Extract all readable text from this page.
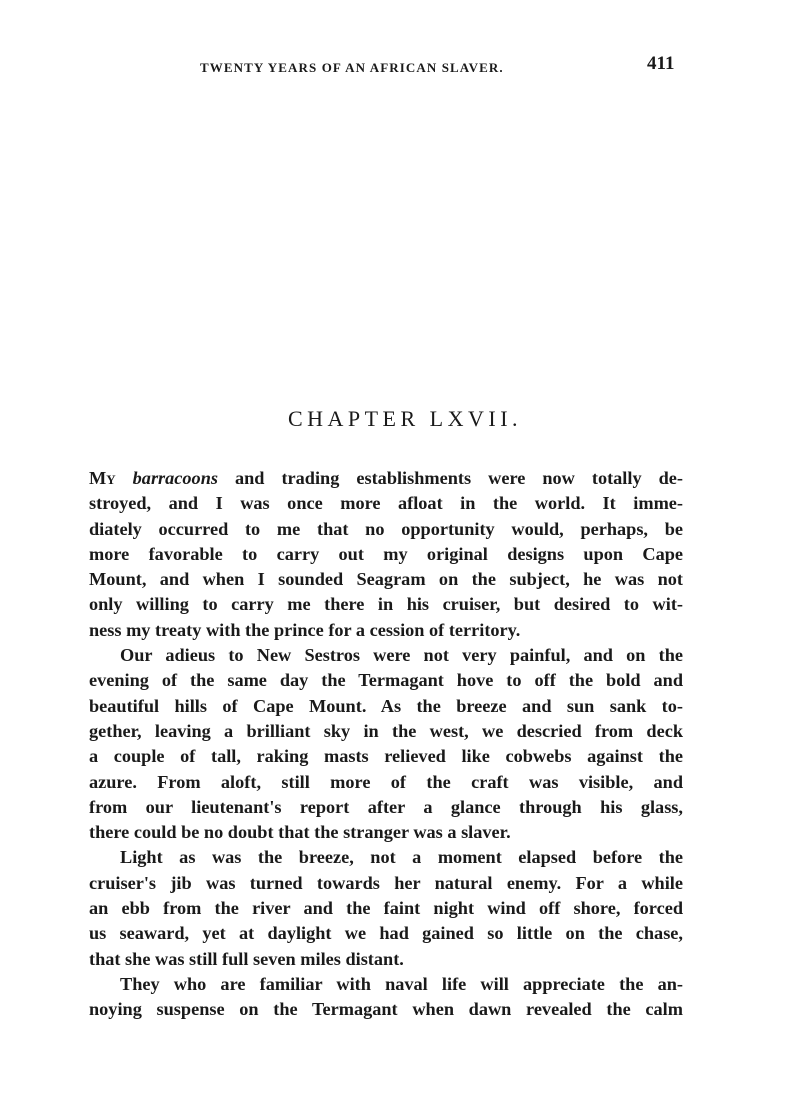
TWENTY YEARS OF AN AFRICAN SLAVER.	411
CHAPTER LXVII.
My barracoons and trading establishments were now totally de-
stroyed, and I was once more afloat in the world. It imme-
diately occurred to me that no opportunity would, perhaps, be
more favorable to carry out my original designs upon Cape
Mount, and when I sounded Seagram on the subject, he was not
only willing to carry me there in his cruiser, but desired to wit-
ness my treaty with the prince for a cession of territory.
Our adieus to New Sestros were not very painful, and on the
evening of the same day the Termagant hove to off the bold and
beautiful hills of Cape Mount. As the breeze and sun sank to-
gether, leaving a brilliant sky in the west, we descried from deck
a couple of tall, raking masts relieved like cobwebs against the
azure. From aloft, still more of the craft was visible, and
from our lieutenant's report after a glance through his glass,
there could be no doubt that the stranger was a slaver.
Light as was the breeze, not a moment elapsed before the
cruiser's jib was turned towards her natural enemy. For a while
an ebb from the river and the faint night wind off shore, forced
us seaward, yet at daylight we had gained so little on the chase,
that she was still full seven miles distant.
They who are familiar with naval life will appreciate the an-
noying suspense on the Termagant when dawn revealed the calm
